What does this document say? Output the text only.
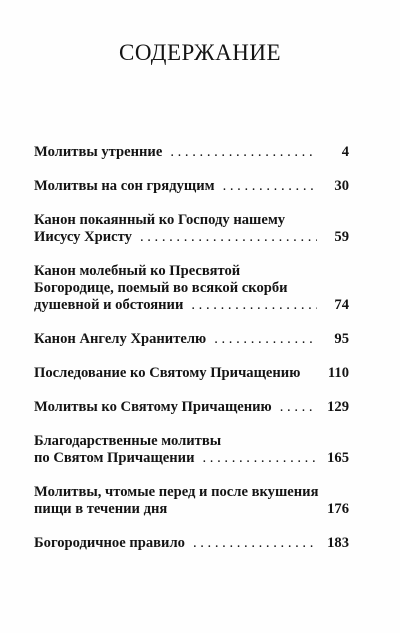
СОДЕРЖАНИЕ
Молитвы утренние . . .	4
Молитвы на сон грядущим . . .	30
Канон покаянный ко Господу нашему
Иисусу Христу . . .	59
Канон молебный ко Пресвятой
Богородице, поемый во всякой скорби
душевной и обстоянии . . .	74
Канон Ангелу Хранителю . . .	95
Последование ко Святому Причащению	110
Молитвы ко Святому Причащению . . .	129
Благодарственные молитвы
по Святом Причащении . . .	165
Молитвы, чтомые перед и после вкушения
пищи в течении дня	176
Богородичное правило . . .	183
